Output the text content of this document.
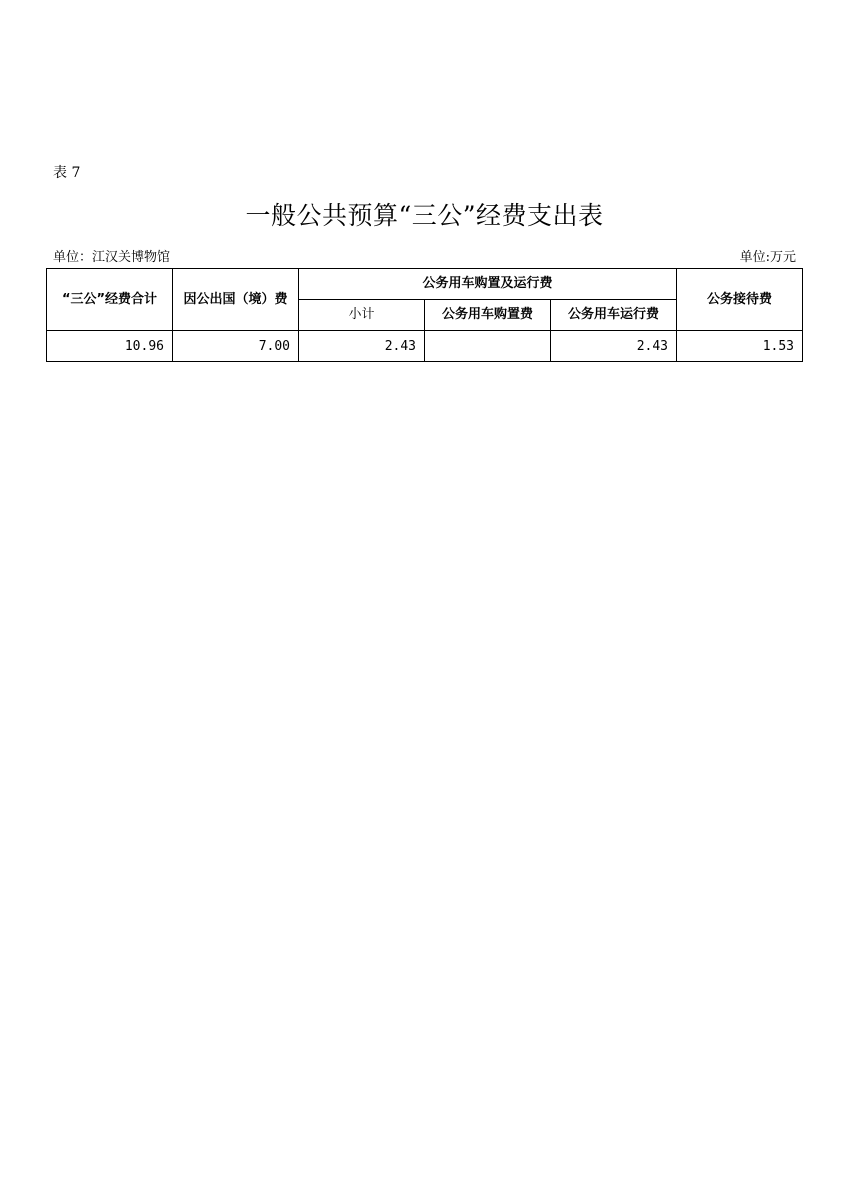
表 7
一般公共预算“三公”经费支出表
单位：江汉关博物馆	单位:万元
“三公”经费合计	因公出国（境）费	公务用车购置及运行费			公务接待费
		小计	公务用车购置费	公务用车运行费	
10.96	7.00	2.43		2.43	1.53
